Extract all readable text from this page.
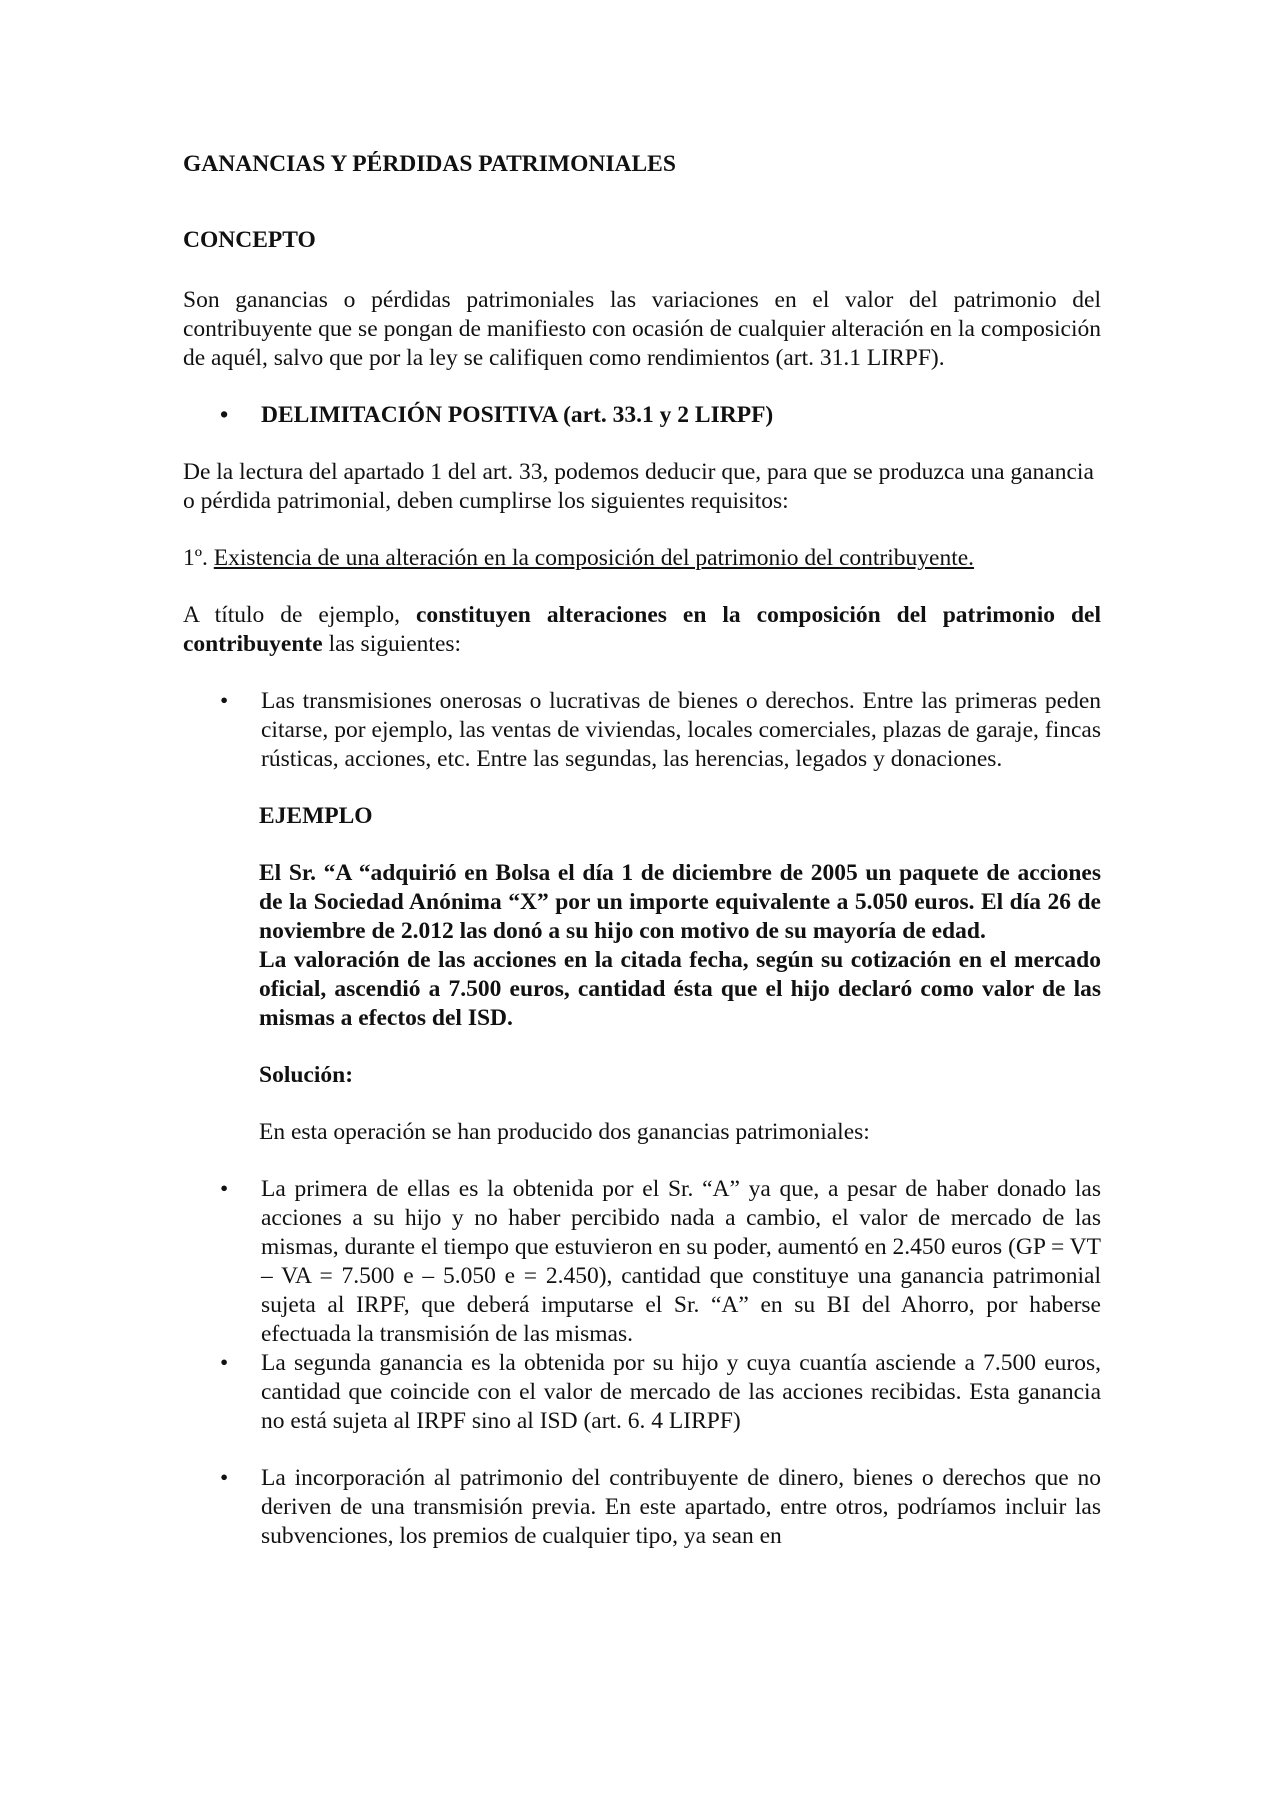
GANANCIAS Y PÉRDIDAS PATRIMONIALES

CONCEPTO

Son ganancias o pérdidas patrimoniales las variaciones en el valor del patrimonio del contribuyente que se pongan de manifiesto con ocasión de cualquier alteración en la composición de aquél, salvo que por la ley se califiquen como rendimientos (art. 31.1 LIRPF).

• DELIMITACIÓN POSITIVA (art. 33.1 y 2 LIRPF)

De la lectura del apartado 1 del art. 33, podemos deducir que, para que se produzca una ganancia o pérdida patrimonial, deben cumplirse los siguientes requisitos:

1º. Existencia de una alteración en la composición del patrimonio del contribuyente.

A título de ejemplo, constituyen alteraciones en la composición del patrimonio del contribuyente las siguientes:

• Las transmisiones onerosas o lucrativas de bienes o derechos. Entre las primeras peden citarse, por ejemplo, las ventas de viviendas, locales comerciales, plazas de garaje, fincas rústicas, acciones, etc. Entre las segundas, las herencias, legados y donaciones.

EJEMPLO

El Sr. “A “adquirió en Bolsa el día 1 de diciembre de 2005 un paquete de acciones de la Sociedad Anónima “X” por un importe equivalente a 5.050 euros. El día 26 de noviembre de 2.012 las donó a su hijo con motivo de su mayoría de edad.

La valoración de las acciones en la citada fecha, según su cotización en el mercado oficial, ascendió a 7.500 euros, cantidad ésta que el hijo declaró como valor de las mismas a efectos del ISD.

Solución:

En esta operación se han producido dos ganancias patrimoniales:

• La primera de ellas es la obtenida por el Sr. “A” ya que, a pesar de haber donado las acciones a su hijo y no haber percibido nada a cambio, el valor de mercado de las mismas, durante el tiempo que estuvieron en su poder, aumentó en 2.450 euros (GP = VT – VA = 7.500 e – 5.050 e = 2.450), cantidad que constituye una ganancia patrimonial sujeta al IRPF, que deberá imputarse el Sr. “A” en su BI del Ahorro, por haberse efectuada la transmisión de las mismas.
• La segunda ganancia es la obtenida por su hijo y cuya cuantía asciende a 7.500 euros, cantidad que coincide con el valor de mercado de las acciones recibidas. Esta ganancia no está sujeta al IRPF sino al ISD (art. 6. 4 LIRPF)
• La incorporación al patrimonio del contribuyente de dinero, bienes o derechos que no deriven de una transmisión previa. En este apartado, entre otros, podríamos incluir las subvenciones, los premios de cualquier tipo, ya sean en
